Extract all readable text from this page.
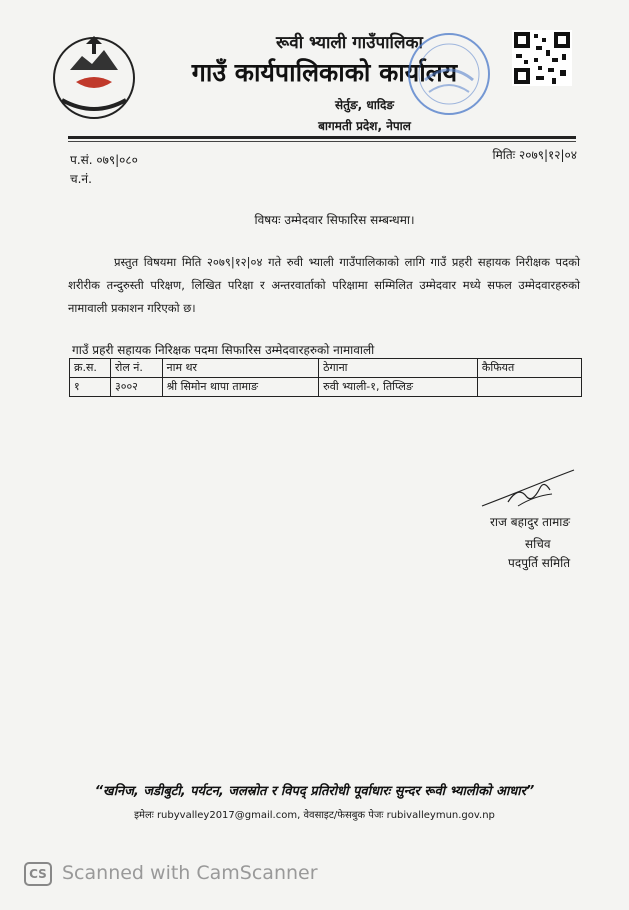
रूवी भ्याली गाउँपालिका
गाउँ कार्यपालिकाको कार्यालय
सेर्तुङ, धादिङ
बागमती प्रदेश, नेपाल
प.सं. ०७९|०८०
च.नं.
मितिः २०७९|१२|०४
विषयः उम्मेदवार सिफारिस सम्बन्धमा।
प्रस्तुत विषयमा मिति २०७९|१२|०४ गते रुवी भ्याली गाउँपालिकाको लागि गाउँ प्रहरी सहायक निरीक्षक पदको शरीरीक तन्दुरुस्ती परिक्षण, लिखित परिक्षा र अन्तरवार्ताको परिक्षामा सम्मिलित उम्मेदवार मध्ये सफल उम्मेदवारहरुको नामावाली प्रकाशन गरिएको छ।
गाउँ प्रहरी सहायक निरिक्षक पदमा सिफारिस उम्मेदवारहरुको नामावाली
क्र.स.	रोल नं.	नाम थर	ठेगाना	कैफियत
१	३००२	श्री सिमोन थापा तामाङ	रुवी भ्याली-१, तिप्लिङ	
राज बहादुर तामाङ
सचिव
पदपुर्ति समिति
“खनिज, जडीबुटी, पर्यटन, जलस्रोत र विपद् प्रतिरोधी पूर्वाधारः सुन्दर रूवी भ्यालीको आधार”
इमेलः rubyvalley2017@gmail.com, वेवसाइट/फेसबुक पेजः rubivalleymun.gov.np
CS Scanned with CamScanner
